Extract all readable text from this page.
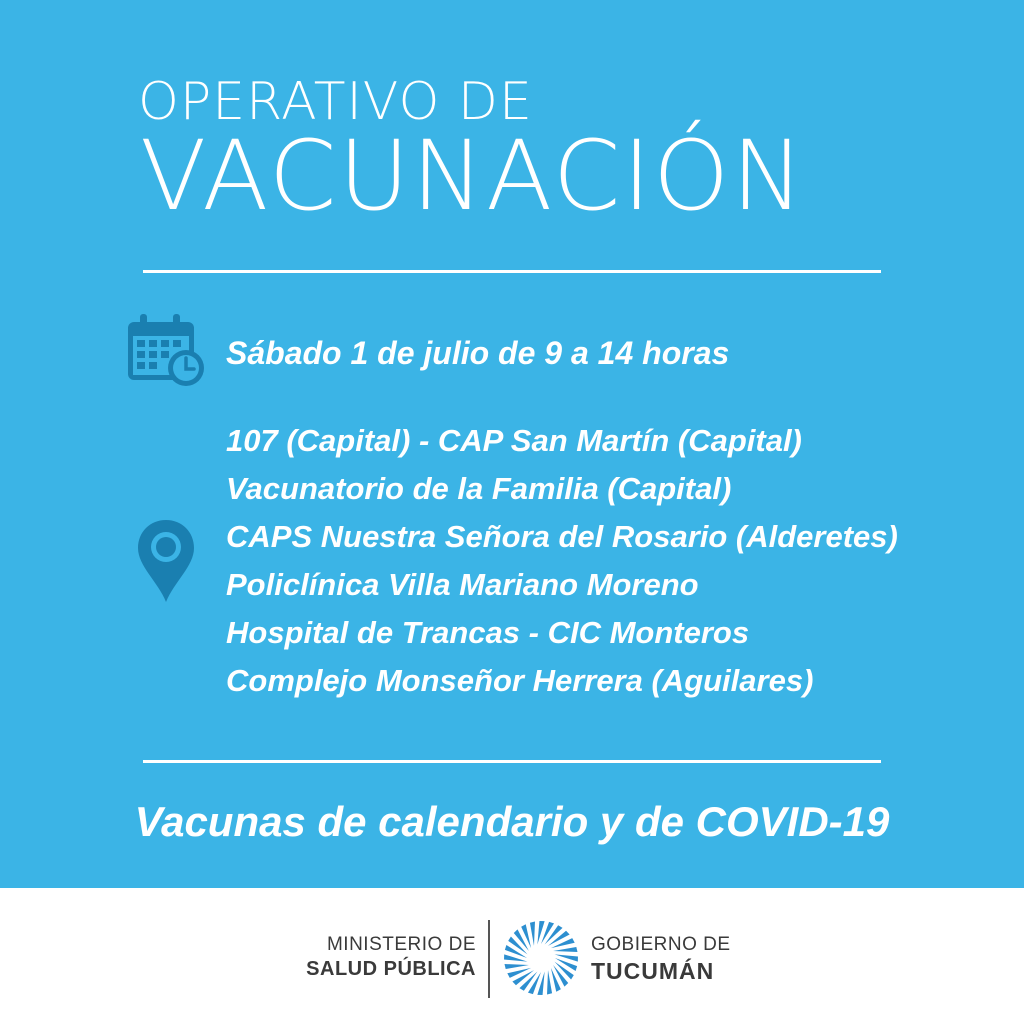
OPERATIVO DE
VACUNACIÓN
Sábado 1 de julio de 9 a 14 horas
107 (Capital) - CAP San Martín (Capital)
Vacunatorio de la Familia (Capital)
CAPS Nuestra Señora del Rosario (Alderetes)
Policlínica Villa Mariano Moreno
Hospital de Trancas - CIC Monteros
Complejo Monseñor Herrera (Aguilares)
Vacunas de calendario y de COVID-19
MINISTERIO DE
SALUD PÚBLICA
GOBIERNO DE
TUCUMÁN
